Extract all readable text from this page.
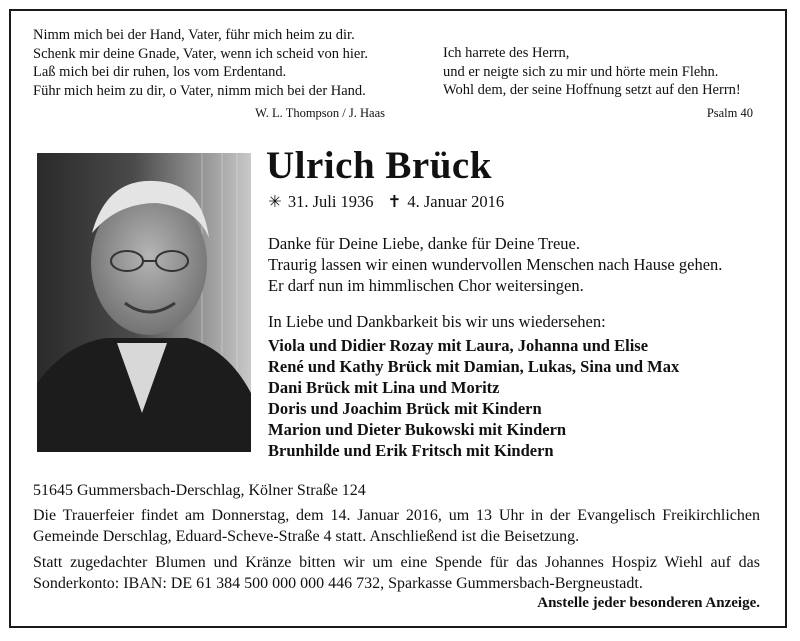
Nimm mich bei der Hand, Vater, führ mich heim zu dir.
Schenk mir deine Gnade, Vater, wenn ich scheid von hier.
Laß mich bei dir ruhen, los vom Erdentand.
Führ mich heim zu dir, o Vater, nimm mich bei der Hand.
W. L. Thompson / J. Haas
Ich harrete des Herrn,
und er neigte sich zu mir und hörte mein Flehn.
Wohl dem, der seine Hoffnung setzt auf den Herrn!
Psalm 40
Ulrich Brück
✳ 31. Juli 1936 ✝ 4. Januar 2016
Danke für Deine Liebe, danke für Deine Treue.
Traurig lassen wir einen wundervollen Menschen nach Hause gehen.
Er darf nun im himmlischen Chor weitersingen.
In Liebe und Dankbarkeit bis wir uns wiedersehen:
Viola und Didier Rozay mit Laura, Johanna und Elise
René und Kathy Brück mit Damian, Lukas, Sina und Max
Dani Brück mit Lina und Moritz
Doris und Joachim Brück mit Kindern
Marion und Dieter Bukowski mit Kindern
Brunhilde und Erik Fritsch mit Kindern
51645 Gummersbach-Derschlag, Kölner Straße 124
Die Trauerfeier findet am Donnerstag, dem 14. Januar 2016, um 13 Uhr in der Evangelisch Freikirchlichen Gemeinde Derschlag, Eduard-Scheve-Straße 4 statt. Anschließend ist die Beisetzung.
Statt zugedachter Blumen und Kränze bitten wir um eine Spende für das Johannes Hospiz Wiehl auf das Sonderkonto: IBAN: DE 61 384 500 000 000 446 732, Sparkasse Gummersbach-Bergneustadt.
Anstelle jeder besonderen Anzeige.
